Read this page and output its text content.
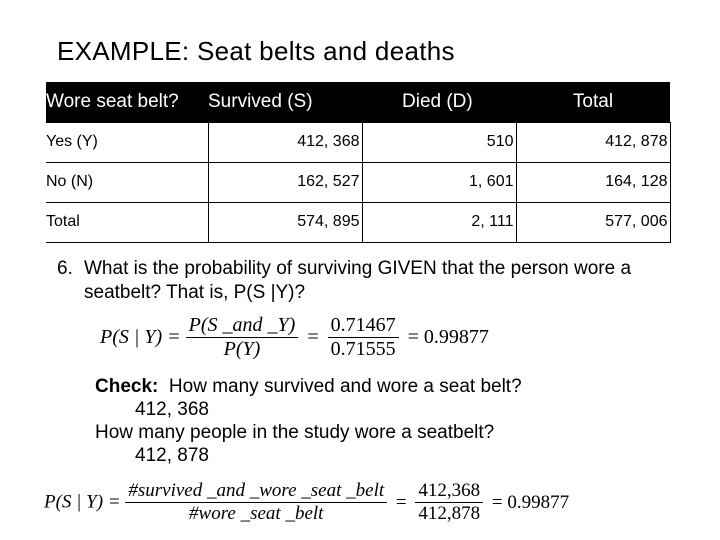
EXAMPLE: Seat belts and deaths
Wore seat belt?	Survived (S)	Died (D)	Total
Yes (Y)	412, 368	510	412, 878
No (N)	162, 527	1, 601	164, 128
Total	574, 895	2, 111	577, 006
6. What is the probability of surviving GIVEN that the person wore a seatbelt? That is, P(S |Y)?
P(S | $Y) = \frac{\text{P(S \_and \_Y)}}{P(Y)} = \frac{0.71467}{0.71555} = 0.99877$
Check: How many survived and wore a seat belt?
412, 368
How many people in the study wore a seatbelt?
412, 878
P(S | $Y) = \frac{\text{\#survived \_and \_wore \_seat \_belt}}{\text{\#wore \_seat \_belt}} = \frac{412,368}{412,878} = 0.99877$
